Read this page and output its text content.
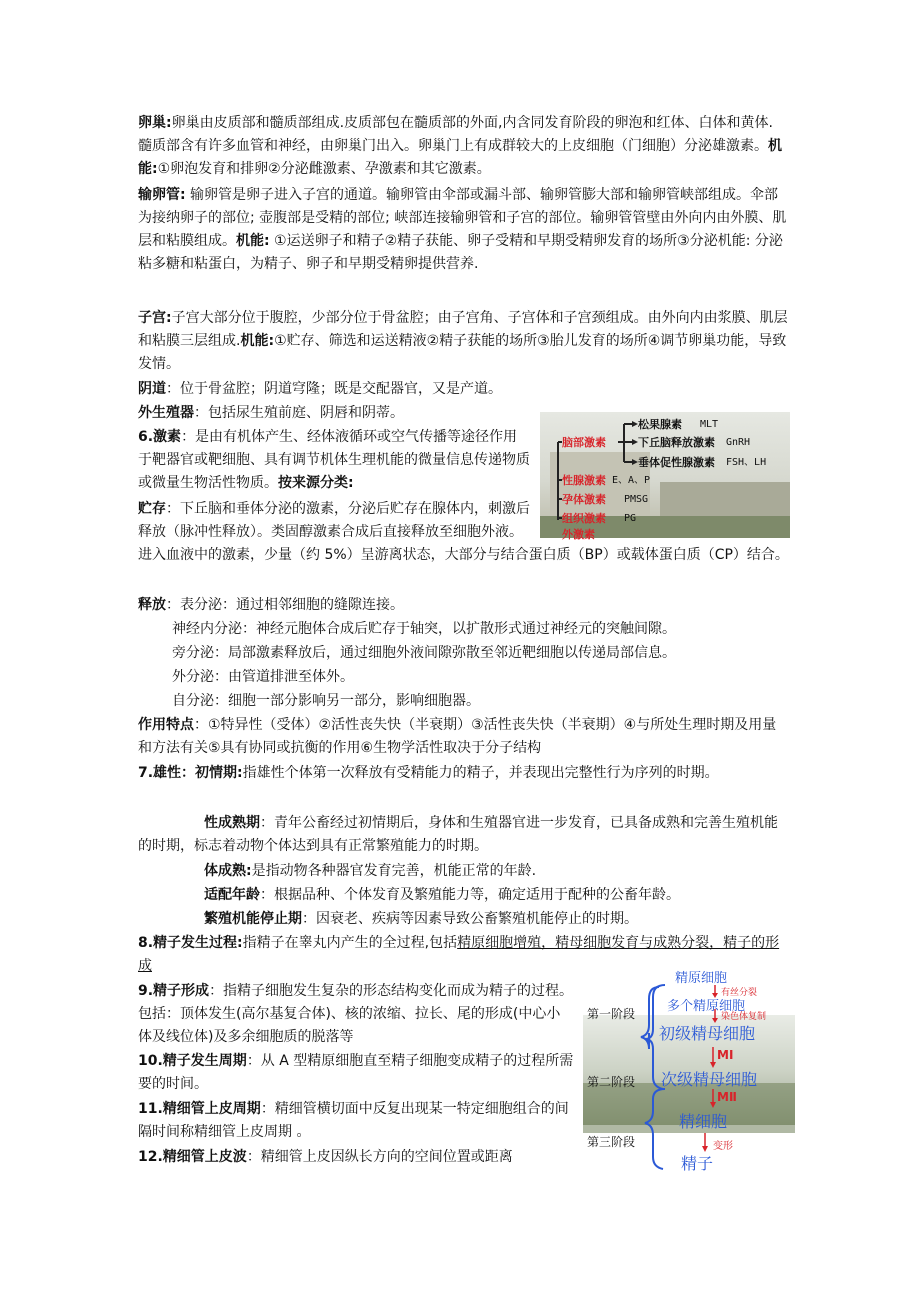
卵巢:卵巢由皮质部和髓质部组成.皮质部包在髓质部的外面,内含同发育阶段的卵泡和红体、白体和黄体. 髓质部含有许多血管和神经，由卵巢门出入。卵巢门上有成群较大的上皮细胞（门细胞）分泌雄激素。机能:①卵泡发育和排卵②分泌雌激素、孕激素和其它激素。

输卵管: 输卵管是卵子进入子宫的通道。输卵管由伞部或漏斗部、输卵管膨大部和输卵管峡部组成。伞部为接纳卵子的部位; 壶腹部是受精的部位; 峡部连接输卵管和子宫的部位。输卵管管壁由外向内由外膜、肌层和粘膜组成。机能: ①运送卵子和精子②精子获能、卵子受精和早期受精卵发育的场所③分泌机能: 分泌粘多糖和粘蛋白，为精子、卵子和早期受精卵提供营养.

子宫:子宫大部分位于腹腔，少部分位于骨盆腔；由子宫角、子宫体和子宫颈组成。由外向内由浆膜、肌层和粘膜三层组成.机能:①贮存、筛选和运送精液②精子获能的场所③胎儿发育的场所④调节卵巢功能，导致发情。

阴道：位于骨盆腔；阴道穹隆；既是交配器官，又是产道。

外生殖器：包括尿生殖前庭、阴唇和阴蒂。

6.激素：是由有机体产生、经体液循环或空气传播等途径作用于靶器官或靶细胞、具有调节机体生理机能的微量信息传递物质或微量生物活性物质。按来源分类:

贮存：下丘脑和垂体分泌的激素，分泌后贮存在腺体内，刺激后释放（脉冲性释放）。类固醇激素合成后直接释放至细胞外液。进入血液中的激素，少量（约 5%）呈游离状态，大部分与结合蛋白质（BP）或载体蛋白质（CP）结合。

脑部激素
松果腺素 MLT
下丘脑释放激素 GnRH
垂体促性腺激素 FSH、LH
性腺激素 E、A、P
孕体激素 PMSG
组织激素 PG
外激素

释放：表分泌：通过相邻细胞的缝隙连接。

神经内分泌：神经元胞体合成后贮存于轴突，以扩散形式通过神经元的突触间隙。

旁分泌：局部激素释放后，通过细胞外液间隙弥散至邻近靶细胞以传递局部信息。

外分泌：由管道排泄至体外。

自分泌：细胞一部分影响另一部分，影响细胞器。

作用特点：①特异性（受体）②活性丧失快（半衰期）③活性丧失快（半衰期）④与所处生理时期及用量和方法有关⑤具有协同或抗衡的作用⑥生物学活性取决于分子结构

7.雄性：初情期:指雄性个体第一次释放有受精能力的精子，并表现出完整性行为序列的时期。

性成熟期：青年公畜经过初情期后，身体和生殖器官进一步发育，已具备成熟和完善生殖机能的时期，标志着动物个体达到具有正常繁殖能力的时期。

体成熟:是指动物各种器官发育完善，机能正常的年龄.

适配年龄：根据品种、个体发育及繁殖能力等，确定适用于配种的公畜年龄。

繁殖机能停止期：因衰老、疾病等因素导致公畜繁殖机能停止的时期。

8.精子发生过程:指精子在睾丸内产生的全过程,包括精原细胞增殖，精母细胞发育与成熟分裂，精子的形成

9.精子形成：指精子细胞发生复杂的形态结构变化而成为精子的过程。包括：顶体发生(高尔基复合体)、核的浓缩、拉长、尾的形成(中心小体及线位体)及多余细胞质的脱落等

10.精子发生周期：从 A 型精原细胞直至精子细胞变成精子的过程所需要的时间。

11.精细管上皮周期：精细管横切面中反复出现某一特定细胞组合的间隔时间称精细管上皮周期 。

12.精细管上皮波：精细管上皮因纵长方向的空间位置或距离

精原细胞
有丝分裂
多个精原细胞
染色体复制
初级精母细胞
MⅠ
次级精母细胞
MⅡ
精细胞
变形
精子
第一阶段
第二阶段
第三阶段
